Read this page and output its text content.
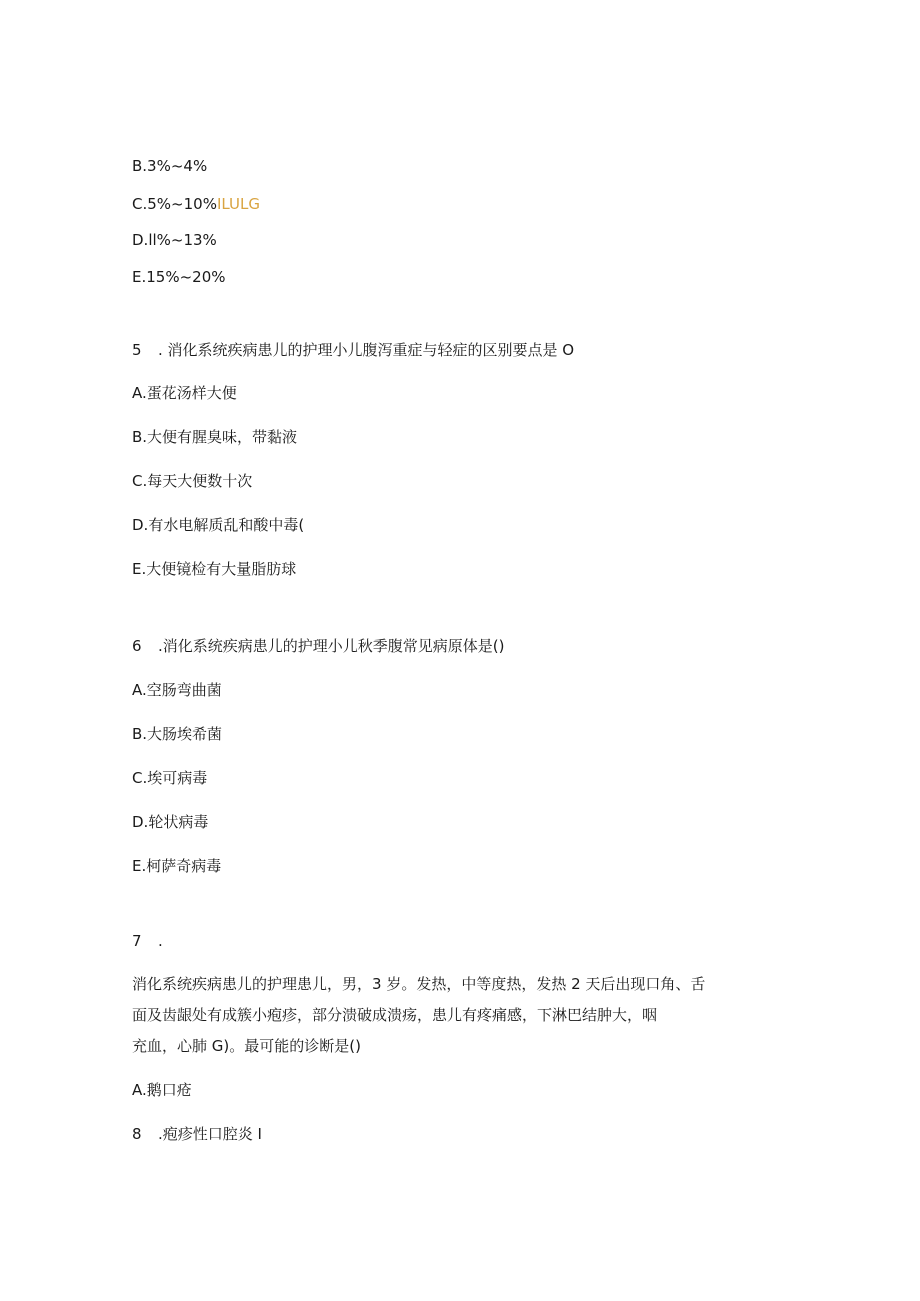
B.3%~4%
C.5%~10%ILULG
D.ll%~13%
E.15%~20%
5 . 消化系统疾病患儿的护理小儿腹泻重症与轻症的区别要点是 O
A.蛋花汤样大便
B.大便有腥臭味，带黏液
C.每天大便数十次
D.有水电解质乱和酸中毒(
E.大便镜检有大量脂肪球
6 .消化系统疾病患儿的护理小儿秋季腹常见病原体是()
A.空肠弯曲菌
B.大肠埃希菌
C.埃可病毒
D.轮状病毒
E.柯萨奇病毒
7 .
消化系统疾病患儿的护理患儿，男，3 岁。发热，中等度热，发热 2 天后出现口角、舌
面及齿龈处有成簇小疱疹，部分溃破成溃疡，患儿有疼痛感，下淋巴结肿大，咽
充血，心肺 G)。最可能的诊断是()
A.鹅口疮
8 .疱疹性口腔炎 I
